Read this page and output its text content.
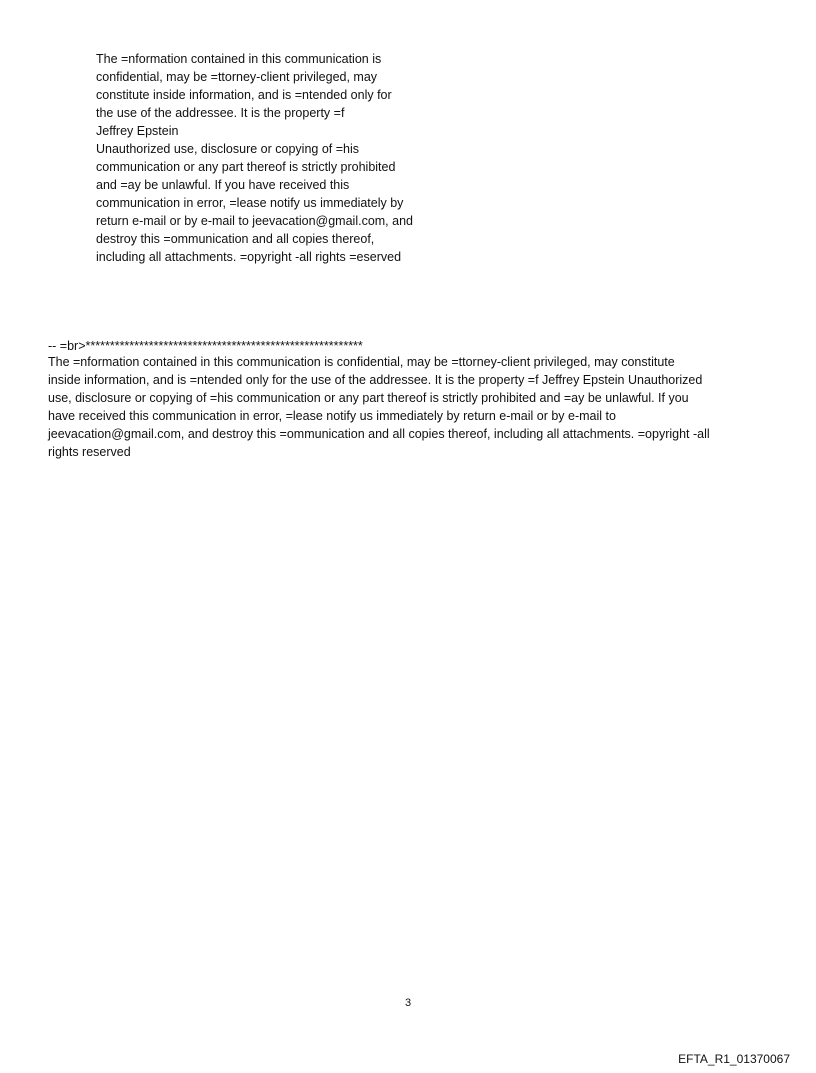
The =nformation contained in this communication is
confidential, may be =ttorney-client privileged, may
constitute inside information, and is =ntended only for
the use of the addressee. It is the property =f
Jeffrey Epstein
Unauthorized use, disclosure or copying of =his
communication or any part thereof is strictly prohibited
and =ay be unlawful. If you have received this
communication in error, =lease notify us immediately by
return e-mail or by e-mail to jeevacation@gmail.com, and
destroy this =ommunication and all copies thereof,
including all attachments. =opyright -all rights =eserved
-- =br>*********************************************************
The =nformation contained in this communication is confidential, may be =ttorney-client privileged, may constitute
inside information, and is =ntended only for the use of the addressee. It is the property =f Jeffrey Epstein Unauthorized
use, disclosure or copying of =his communication or any part thereof is strictly prohibited and =ay be unlawful. If you
have received this communication in error, =lease notify us immediately by return e-mail or by e-mail to
jeevacation@gmail.com, and destroy this =ommunication and all copies thereof, including all attachments. =opyright -all
rights reserved
3
EFTA_R1_01370067
